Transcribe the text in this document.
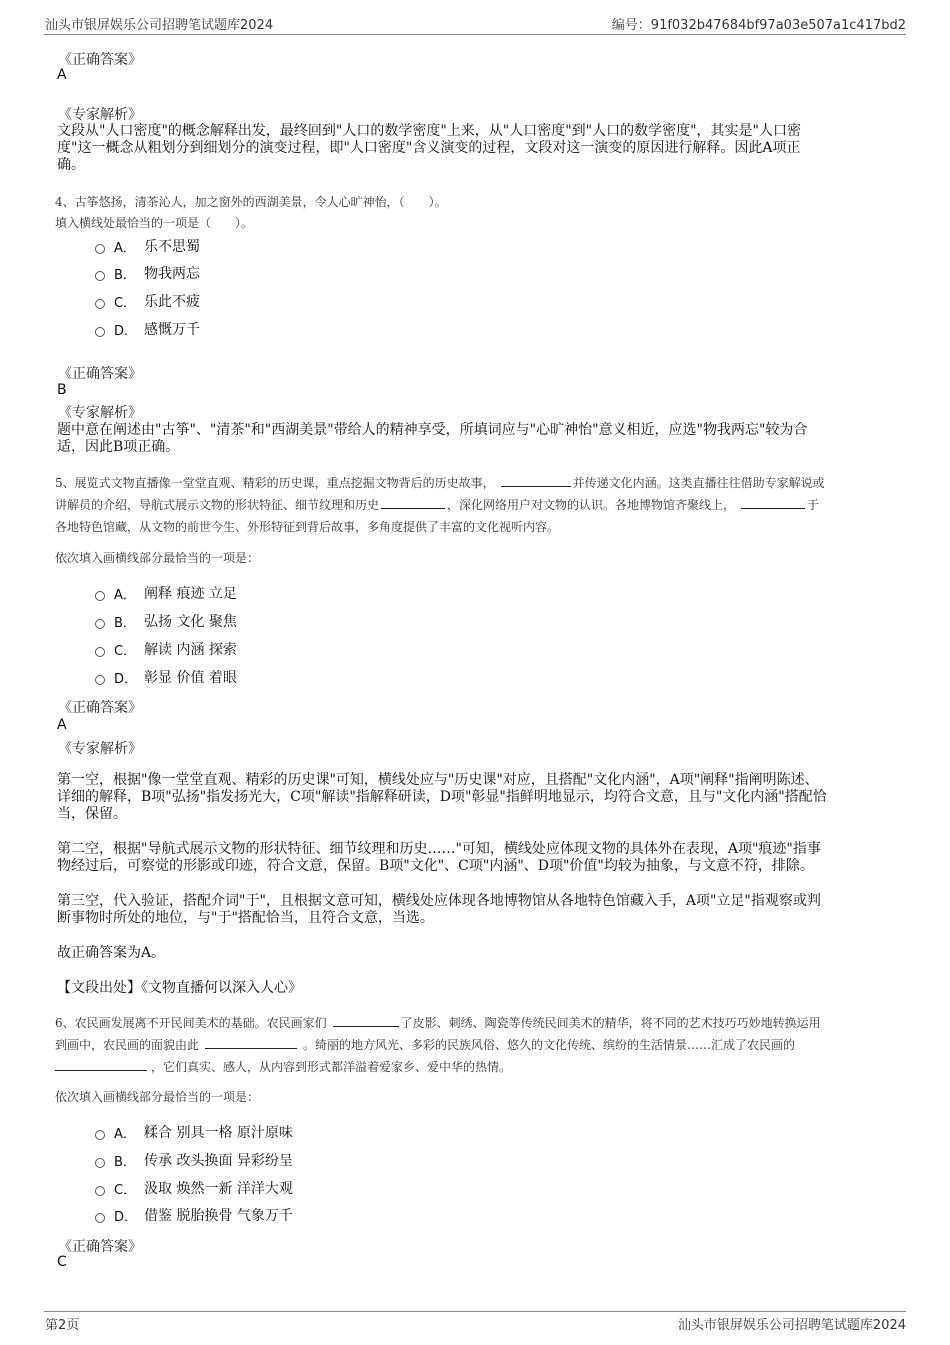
汕头市银屏娱乐公司招聘笔试题库2024	编号：91f032b47684bf97a03e507a1c417bd2
《正确答案》
A
《专家解析》
文段从"人口密度"的概念解释出发，最终回到"人口的数学密度"上来，从"人口密度"到"人口的数学密度"，其实是"人口密
度"这一概念从粗划分到细划分的演变过程，即"人口密度"含义演变的过程，文段对这一演变的原因进行解释。因此A项正
确。
4、古筝悠扬，清茶沁人，加之窗外的西湖美景，令人心旷神怡，（　　）。
填入横线处最恰当的一项是（　　）。
A． 乐不思蜀
B． 物我两忘
C． 乐此不疲
D． 感慨万千
《正确答案》
B
《专家解析》
题中意在阐述由"古筝"、"清茶"和"西湖美景"带给人的精神享受，所填词应与"心旷神怡"意义相近，应选"物我两忘"较为合
适，因此B项正确。
5、展览式文物直播像一堂堂直观、精彩的历史课，重点挖掘文物背后的历史故事，	并传递文化内涵。这类直播往往借助专家解说或
讲解员的介绍，导航式展示文物的形状特征、细节纹理和历史	，深化网络用户对文物的认识。各地博物馆齐聚线上，	于
各地特色馆藏，从文物的前世今生、外形特征到背后故事，多角度提供了丰富的文化视听内容。
依次填入画横线部分最恰当的一项是：
A． 阐释 痕迹 立足
B． 弘扬 文化 聚焦
C． 解读 内涵 探索
D． 彰显 价值 着眼
《正确答案》
A
《专家解析》
第一空，根据"像一堂堂直观、精彩的历史课"可知，横线处应与"历史课"对应，且搭配"文化内涵"，A项"阐释"指阐明陈述、
详细的解释，B项"弘扬"指发扬光大，C项"解读"指解释研读，D项"彰显"指鲜明地显示，均符合文意，且与"文化内涵"搭配恰
当，保留。
第二空，根据"导航式展示文物的形状特征、细节纹理和历史……"可知，横线处应体现文物的具体外在表现，A项"痕迹"指事
物经过后，可察觉的形影或印迹，符合文意，保留。B项"文化"、C项"内涵"、D项"价值"均较为抽象，与文意不符，排除。
第三空，代入验证，搭配介词"于"，且根据文意可知，横线处应体现各地博物馆从各地特色馆藏入手，A项"立足"指观察或判
断事物时所处的地位，与"于"搭配恰当，且符合文意，当选。
故正确答案为A。
【文段出处】《文物直播何以深入人心》
6、农民画发展离不开民间美术的基础。农民画家们	了皮影、刺绣、陶瓷等传统民间美术的精华，将不同的艺术技巧巧妙地转换运用
到画中，农民画的面貌由此	。绮丽的地方风光、多彩的民族风俗、悠久的文化传统、缤纷的生活情景……汇成了农民画的
，它们真实、感人，从内容到形式都洋溢着爱家乡、爱中华的热情。
依次填入画横线部分最恰当的一项是：
A． 糅合 别具一格 原汁原味
B． 传承 改头换面 异彩纷呈
C． 汲取 焕然一新 洋洋大观
D． 借鉴 脱胎换骨 气象万千
《正确答案》
C
第2页	汕头市银屏娱乐公司招聘笔试题库2024
